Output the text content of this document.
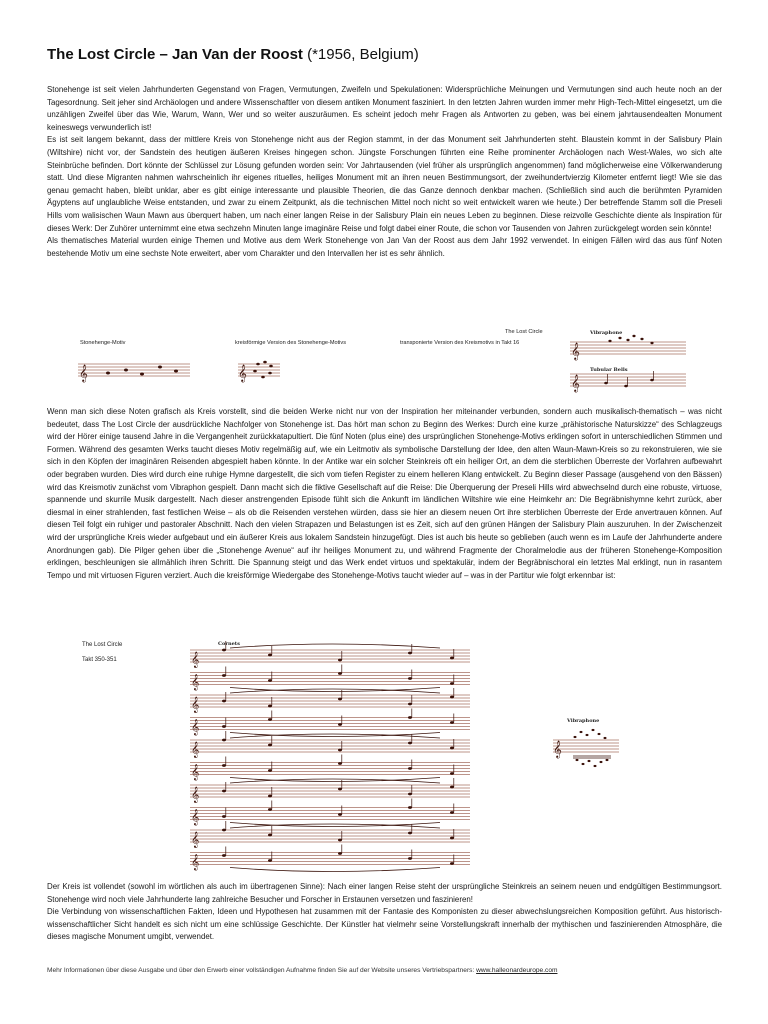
The Lost Circle – Jan Van der Roost (*1956, Belgium)

Stonehenge ist seit vielen Jahrhunderten Gegenstand von Fragen, Vermutungen, Zweifeln und Spekulationen: Widersprüchliche Meinungen und Vermutungen sind auch heute noch an der Tagesordnung. Seit jeher sind Archäologen und andere Wissenschaftler von diesem antiken Monument fasziniert. In den letzten Jahren wurden immer mehr High-Tech-Mittel eingesetzt, um die unzähligen Zweifel über das Wie, Warum, Wann, Wer und so weiter auszuräumen. Es scheint jedoch mehr Fragen als Antworten zu geben, was bei einem jahrtausendealten Monument keineswegs verwunderlich ist!

Es ist seit langem bekannt, dass der mittlere Kreis von Stonehenge nicht aus der Region stammt, in der das Monument seit Jahrhunderten steht. Blaustein kommt in der Salisbury Plain (Wiltshire) nicht vor, der Sandstein des heutigen äußeren Kreises hingegen schon. Jüngste Forschungen führten eine Reihe prominenter Archäologen nach West-Wales, wo sich alte Steinbrüche befinden. Dort könnte der Schlüssel zur Lösung gefunden worden sein: Vor Jahrtausenden (viel früher als ursprünglich angenommen) fand möglicherweise eine Völkerwanderung statt. Und diese Migranten nahmen wahrscheinlich ihr eigenes rituelles, heiliges Monument mit an ihren neuen Bestimmungsort, der zweihundertvierzig Kilometer entfernt liegt! Wie sie das genau gemacht haben, bleibt unklar, aber es gibt einige interessante und plausible Theorien, die das Ganze dennoch denkbar machen. (Schließlich sind auch die berühmten Pyramiden Ägyptens auf unglaubliche Weise entstanden, und zwar zu einem Zeitpunkt, als die technischen Mittel noch nicht so weit entwickelt waren wie heute.) Der betreffende Stamm soll die Preseli Hills vom walisischen Waun Mawn aus überquert haben, um nach einer langen Reise in der Salisbury Plain ein neues Leben zu beginnen. Diese reizvolle Geschichte diente als Inspiration für dieses Werk: Der Zuhörer unternimmt eine etwa sechzehn Minuten lange imaginäre Reise und folgt dabei einer Route, die schon vor Tausenden von Jahren zurückgelegt worden sein könnte!

Als thematisches Material wurden einige Themen und Motive aus dem Werk Stonehenge von Jan Van der Roost aus dem Jahr 1992 verwendet. In einigen Fällen wird das aus fünf Noten bestehende Motiv um eine sechste Note erweitert, aber vom Charakter und den Intervallen her ist es sehr ähnlich.

Stonehenge-Motiv
𝄞
kreisförmige Version des Stonehenge-Motivs
𝄞
The Lost Circle
transponierte Version des Kreismotivs in Takt 16
Vibraphone
𝄞
Tubular Bells
𝄞

Wenn man sich diese Noten grafisch als Kreis vorstellt, sind die beiden Werke nicht nur von der Inspiration her miteinander verbunden, sondern auch musikalisch-thematisch – was nicht bedeutet, dass The Lost Circle der ausdrückliche Nachfolger von Stonehenge ist. Das hört man schon zu Beginn des Werkes: Durch eine kurze „prähistorische Naturskizze“ des Schlagzeugs wird der Hörer einige tausend Jahre in die Vergangenheit zurückkatapultiert. Die fünf Noten (plus eine) des ursprünglichen Stonehenge-Motivs erklingen sofort in unterschiedlichen Stimmen und Formen. Während des gesamten Werks taucht dieses Motiv regelmäßig auf, wie ein Leitmotiv als symbolische Darstellung der Idee, den alten Waun-Mawn-Kreis so zu rekonstruieren, wie sie sich in den Köpfen der imaginären Reisenden abgespielt haben könnte. In der Antike war ein solcher Steinkreis oft ein heiliger Ort, an dem die sterblichen Überreste der Vorfahren aufbewahrt oder begraben wurden. Dies wird durch eine ruhige Hymne dargestellt, die sich vom tiefen Register zu einem helleren Klang entwickelt. Zu Beginn dieser Passage (ausgehend von den Bässen) wird das Kreismotiv zunächst vom Vibraphon gespielt. Dann macht sich die fiktive Gesellschaft auf die Reise: Die Überquerung der Preseli Hills wird abwechselnd durch eine robuste, virtuose, spannende und skurrile Musik dargestellt. Nach dieser anstrengenden Episode fühlt sich die Ankunft im ländlichen Wiltshire wie eine Heimkehr an: Die Begräbnishymne kehrt zurück, aber diesmal in einer strahlenden, fast festlichen Weise – als ob die Reisenden verstehen würden, dass sie hier an diesem neuen Ort ihre sterblichen Überreste der Erde anvertrauen können. Auf diesen Teil folgt ein ruhiger und pastoraler Abschnitt. Nach den vielen Strapazen und Belastungen ist es Zeit, sich auf den grünen Hängen der Salisbury Plain auszuruhen. In der Zwischenzeit wird der ursprüngliche Kreis wieder aufgebaut und ein äußerer Kreis aus lokalem Sandstein hinzugefügt. Dies ist auch bis heute so geblieben (auch wenn es im Laufe der Jahrhunderte andere Anordnungen gab). Die Pilger gehen über die „Stonehenge Avenue“ auf ihr heiliges Monument zu, und während Fragmente der Choralmelodie aus der früheren Stonehenge-Komposition erklingen, beschleunigen sie allmählich ihren Schritt. Die Spannung steigt und das Werk endet virtuos und spektakulär, indem der Begräbnischoral ein letztes Mal erklingt, nun in rasantem Tempo und mit virtuosen Figuren verziert. Auch die kreisförmige Wiedergabe des Stonehenge-Motivs taucht wieder auf – was in der Partitur wie folgt erkennbar ist:

The Lost Circle
Takt 350-351
Cornets
𝄞
𝄞
𝄞
𝄞
𝄞
𝄞
𝄞
𝄞
𝄞
𝄞
Vibraphone
𝄞

Der Kreis ist vollendet (sowohl im wörtlichen als auch im übertragenen Sinne): Nach einer langen Reise steht der ursprüngliche Steinkreis an seinem neuen und endgültigen Bestimmungsort. Stonehenge wird noch viele Jahrhunderte lang zahlreiche Besucher und Forscher in Erstaunen versetzen und faszinieren!

Die Verbindung von wissenschaftlichen Fakten, Ideen und Hypothesen hat zusammen mit der Fantasie des Komponisten zu dieser abwechslungsreichen Komposition geführt. Aus historisch-wissenschaftlicher Sicht handelt es sich nicht um eine schlüssige Geschichte. Der Künstler hat vielmehr seine Vorstellungskraft innerhalb der mythischen und faszinierenden Atmosphäre, die dieses magische Monument umgibt, verwendet.

Mehr Informationen über diese Ausgabe und über den Erwerb einer vollständigen Aufnahme finden Sie auf der Website unseres Vertriebspartners: www.halleonardeurope.com
